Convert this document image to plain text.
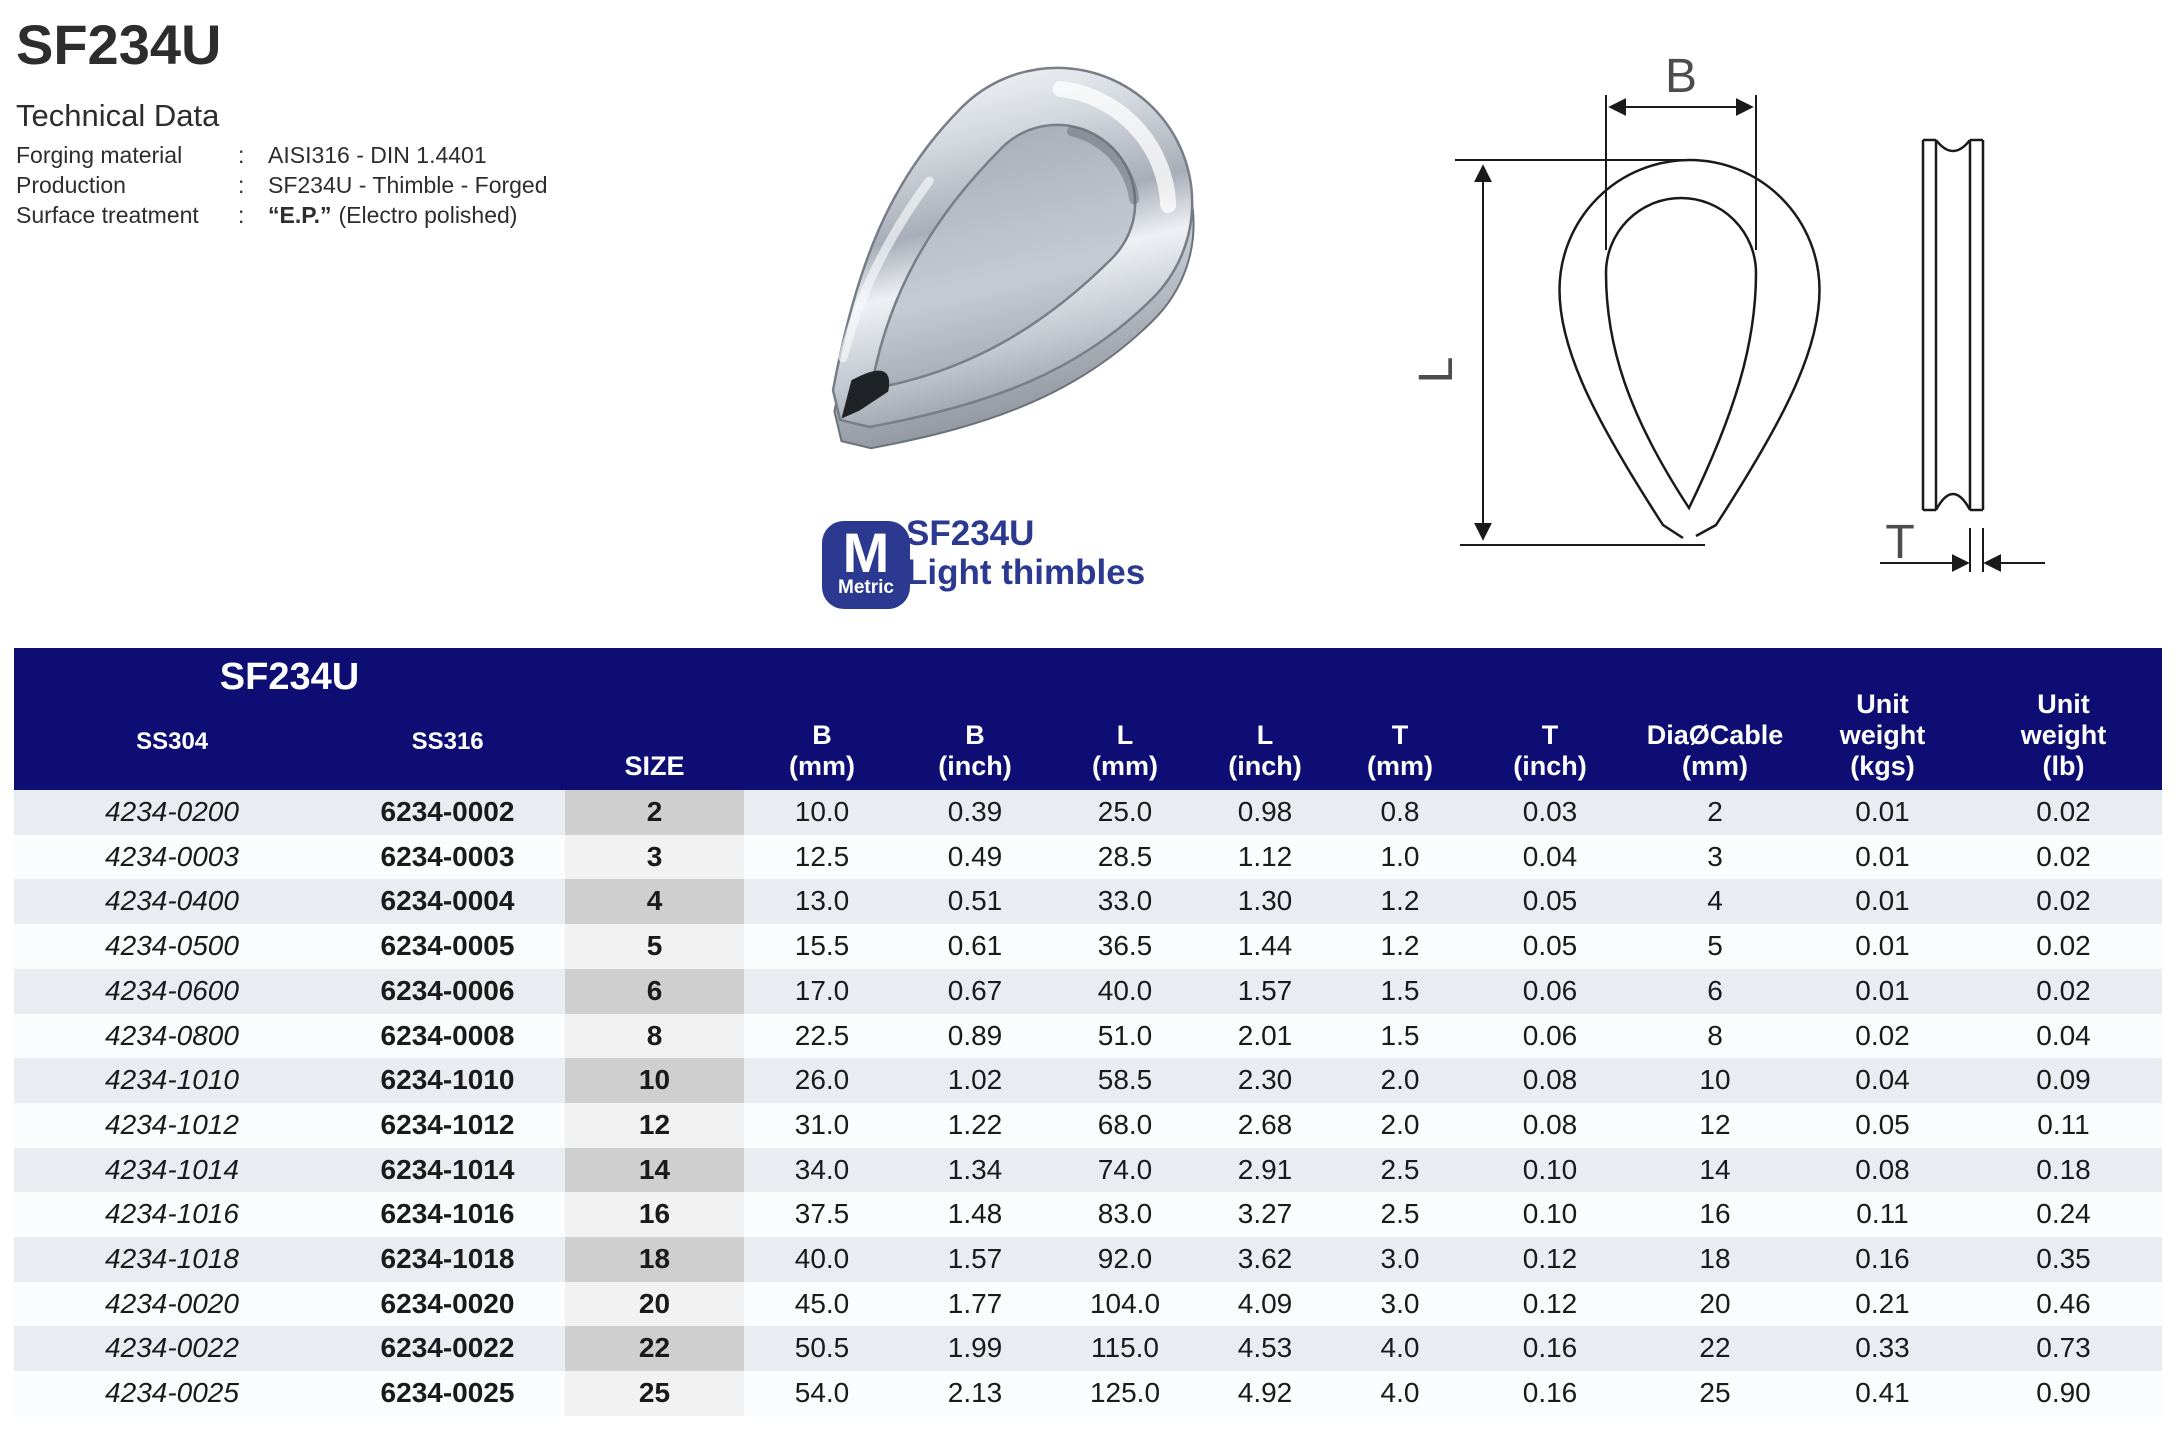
SF234U
Technical Data
Forging material	:	AISI316 - DIN 1.4401
Production	:	SF234U - Thimble - Forged
Surface treatment	:	“E.P.” (Electro polished)
M
Metric
SF234U
Light thimbles
B
L
T
SF234U
SS304	SS316
	SIZE	
B
(mm)

B
(inch)

L
(mm)

L
(inch)

T
(mm)

T
(inch)

DiaØCable
(mm)

Unit
weight
(kgs)

Unit
weight
(lb)

4234-0200	6234-0002	2	10.0	0.39	25.0	0.98	0.8	0.03	2	0.01	0.02
4234-0003	6234-0003	3	12.5	0.49	28.5	1.12	1.0	0.04	3	0.01	0.02
4234-0400	6234-0004	4	13.0	0.51	33.0	1.30	1.2	0.05	4	0.01	0.02
4234-0500	6234-0005	5	15.5	0.61	36.5	1.44	1.2	0.05	5	0.01	0.02
4234-0600	6234-0006	6	17.0	0.67	40.0	1.57	1.5	0.06	6	0.01	0.02
4234-0800	6234-0008	8	22.5	0.89	51.0	2.01	1.5	0.06	8	0.02	0.04
4234-1010	6234-1010	10	26.0	1.02	58.5	2.30	2.0	0.08	10	0.04	0.09
4234-1012	6234-1012	12	31.0	1.22	68.0	2.68	2.0	0.08	12	0.05	0.11
4234-1014	6234-1014	14	34.0	1.34	74.0	2.91	2.5	0.10	14	0.08	0.18
4234-1016	6234-1016	16	37.5	1.48	83.0	3.27	2.5	0.10	16	0.11	0.24
4234-1018	6234-1018	18	40.0	1.57	92.0	3.62	3.0	0.12	18	0.16	0.35
4234-0020	6234-0020	20	45.0	1.77	104.0	4.09	3.0	0.12	20	0.21	0.46
4234-0022	6234-0022	22	50.5	1.99	115.0	4.53	4.0	0.16	22	0.33	0.73
4234-0025	6234-0025	25	54.0	2.13	125.0	4.92	4.0	0.16	25	0.41	0.90
